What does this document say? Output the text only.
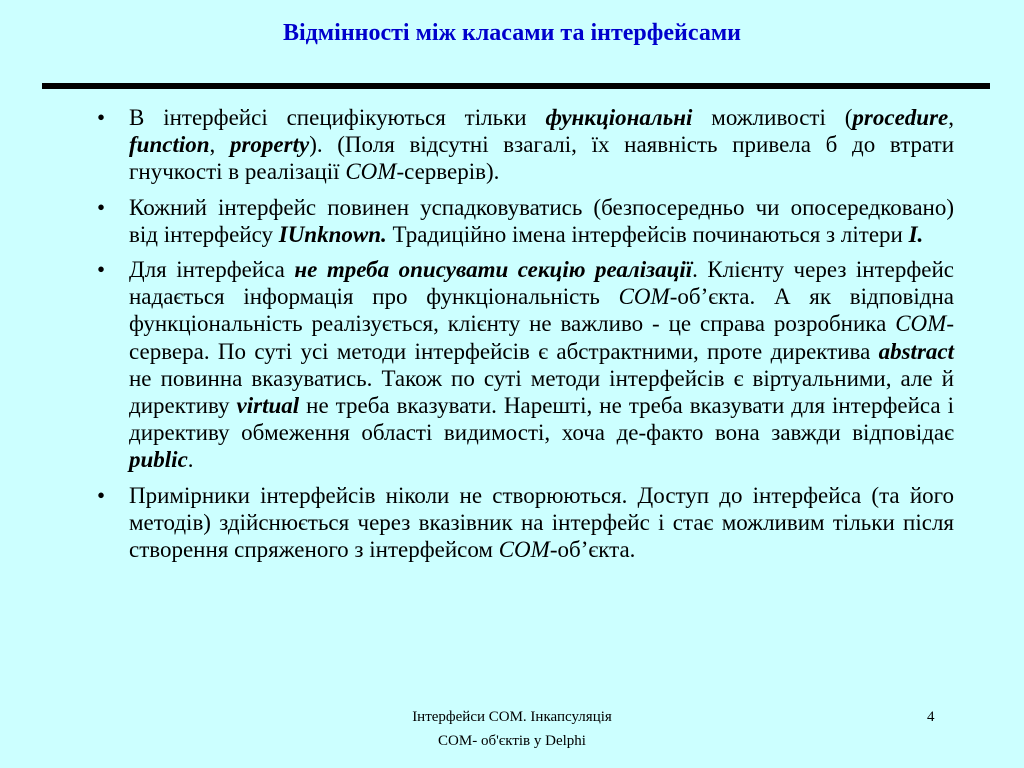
Відмінності між класами та інтерфейсами
• В інтерфейсі специфікуються тільки функціональні можливості (procedure, function, property). (Поля відсутні взагалі, їх наявність привела б до втрати гнучкості в реалізації COM-серверів).
• Кожний інтерфейс повинен успадковуватись (безпосередньо чи опосередковано) від інтерфейсу IUnknown. Традиційно імена інтерфейсів починаються з літери I.
• Для інтерфейса не треба описувати секцію реалізації. Клієнту через інтерфейс надається інформація про функціональність COM-об’єкта. А як відповідна функціональність реалізується, клієнту не важливо - це справа розробника COM-сервера. По суті усі методи інтерфейсів є абстрактними, проте директива abstract не повинна вказуватись. Також по суті методи інтерфейсів є віртуальними, але й директиву virtual не треба вказувати. Нарешті, не треба вказувати для інтерфейса і директиву обмеження області видимості, хоча де-факто вона завжди відповідає public.
• Примірники інтерфейсів ніколи не створюються. Доступ до інтерфейса (та його методів) здійснюється через вказівник на інтерфейс і стає можливим тільки після створення спряженого з інтерфейсом COM-об’єкта.
Інтерфейси COM. Інкапсуляція
COM- об'єктів у Delphi
4
